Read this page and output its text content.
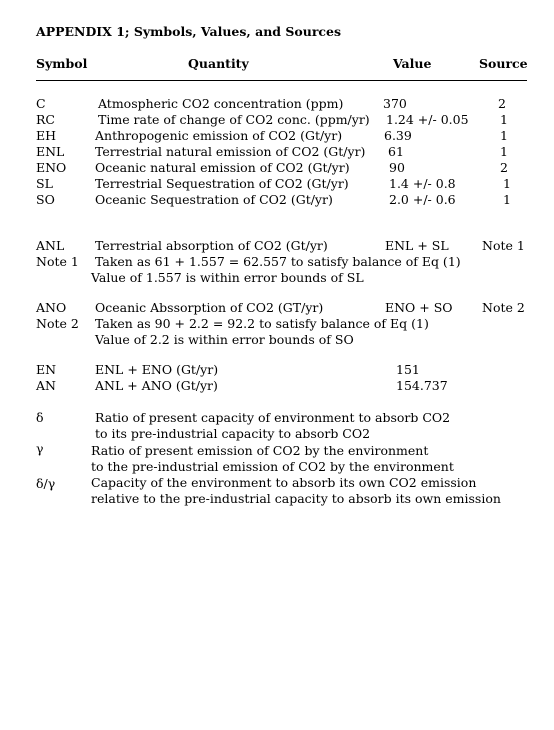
APPENDIX 1; Symbols, Values, and Sources
Symbol	Quantity	Value	Source
C	Atmospheric CO2 concentration (ppm)	370	2
RC	Time rate of change of CO2 conc. (ppm/yr) 1.24 +/- 0.05	1
EH	Anthropogenic emission of CO2 (Gt/yr)	6.39	1
ENL Terrestrial natural emission of CO2 (Gt/yr) 61	1
ENO Oceanic natural emission of CO2 (Gt/yr)	90	2
SL	Terrestrial Sequestration of CO2 (Gt/yr)	1.4 +/- 0.8	1
SO	Oceanic Sequestration of CO2 (Gt/yr)	2.0 +/- 0.6	1
ANL Terrestrial absorption of CO2 (Gt/yr)	ENL + SL	Note 1
Note 1 Taken as 61 + 1.557 = 62.557 to satisfy balance of Eq (1)
Value of 1.557 is within error bounds of SL
ANO Oceanic Abssorption of CO2 (GT/yr)	ENO + SO Note 2
Note 2 Taken as 90 + 2.2 = 92.2 to satisfy balance of Eq (1)
Value of 2.2 is within error bounds of SO
EN	ENL + ENO (Gt/yr)	151
AN	ANL + ANO (Gt/yr)	154.737
δ	Ratio of present capacity of environment to absorb CO2
to its pre-industrial capacity to absorb CO2
γ	Ratio of present emission of CO2 by the environment
to the pre-industrial emission of CO2 by the environment
δ/γ	Capacity of the environment to absorb its own CO2 emission
relative to the pre-industrial capacity to absorb its own emission
